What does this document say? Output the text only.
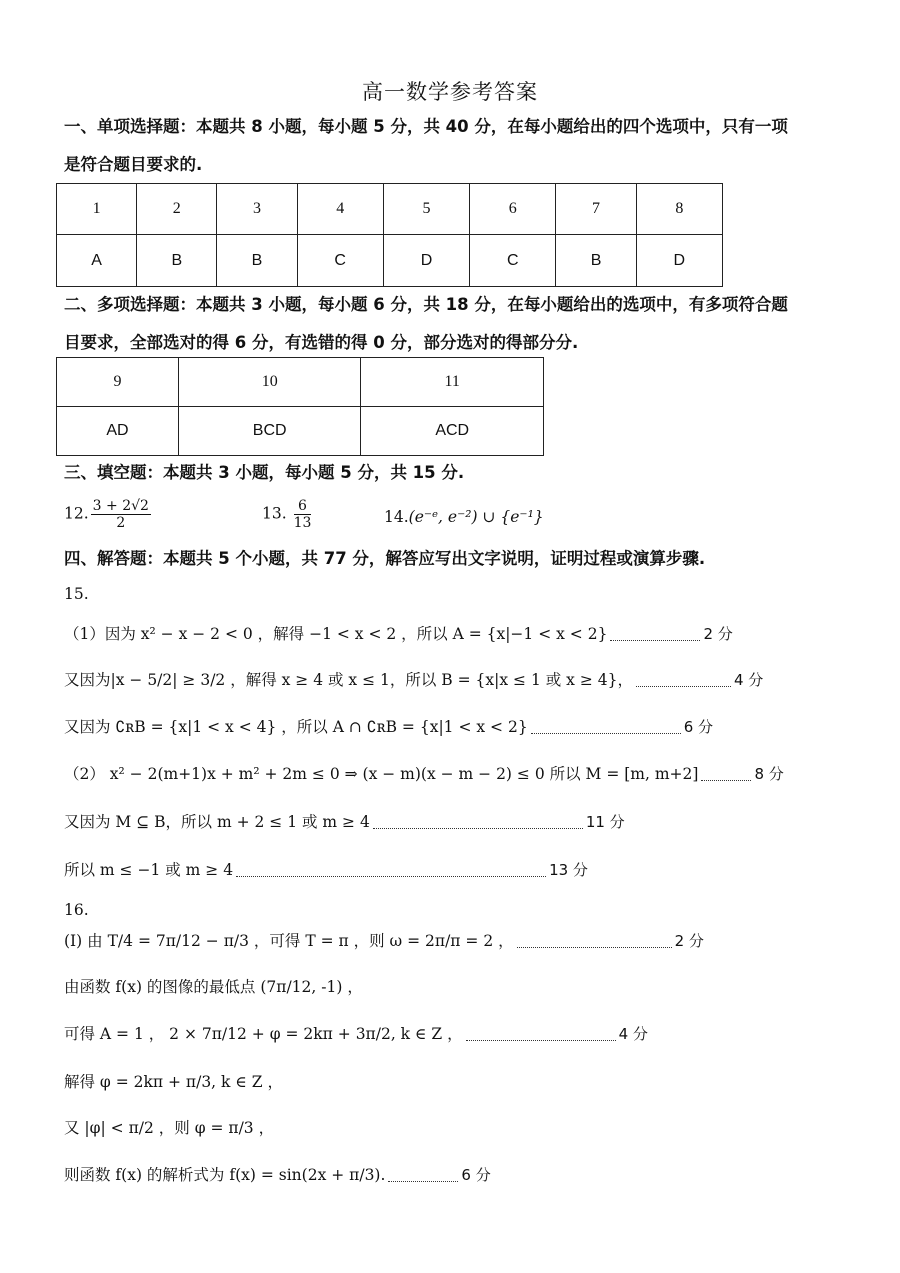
高一数学参考答案
一、单项选择题：本题共 8 小题，每小题 5 分，共 40 分，在每小题给出的四个选项中，只有一项
是符合题目要求的.
1	2	3	4	5	6	7	8
A	B	B	C	D	C	B	D
二、多项选择题：本题共 3 小题，每小题 6 分，共 18 分，在每小题给出的选项中，有多项符合题
目要求，全部选对的得 6 分，有选错的得 0 分，部分选对的得部分分.
9	10	11
AD	BCD	ACD
三、填空题：本题共 3 小题，每小题 5 分，共 15 分.
12. $\frac{3 + 2√2}{2}$	13. $\frac{6}{13}$	14.(e⁻ᵉ, e⁻²) ∪ {e⁻¹}
四、解答题：本题共 5 个小题，共 77 分，解答应写出文字说明，证明过程或演算步骤.
15.
（1）因为 x² − x − 2 < 0 ，解得 −1 < x < 2 ，所以 A = {x|−1 < x < 2}	2 分
又因为|x − 5/2| ≥ 3/2 ，解得 x ≥ 4 或 x ≤ 1，所以 B = {x|x ≤ 1 或 x ≥ 4}，	4 分
又因为 ∁ʀB = {x|1 < x < 4} ，所以 A ∩ ∁ʀB = {x|1 < x < 2}	6 分
（2） x² − 2(m+1)x + m² + 2m ≤ 0 ⇒ (x − m)(x − m − 2) ≤ 0 所以 M = [m, m+2]	8 分
又因为 M ⊆ B，所以 m + 2 ≤ 1 或 m ≥ 4	11 分
所以 m ≤ −1 或 m ≥ 4	13 分
16.
(I) 由 T/4 = 7π/12 − π/3 ，可得 T = π ，则 ω = 2π/π = 2 ，	2 分
由函数 f(x) 的图像的最低点 (7π/12, -1) ，
可得 A = 1 ， 2 × 7π/12 + φ = 2kπ + 3π/2, k ∈ Z ，	4 分
解得 φ = 2kπ + π/3, k ∈ Z ，
又 |φ| < π/2 ，则 φ = π/3 ，
则函数 f(x) 的解析式为 f(x) = sin(2x + π/3).	6 分
